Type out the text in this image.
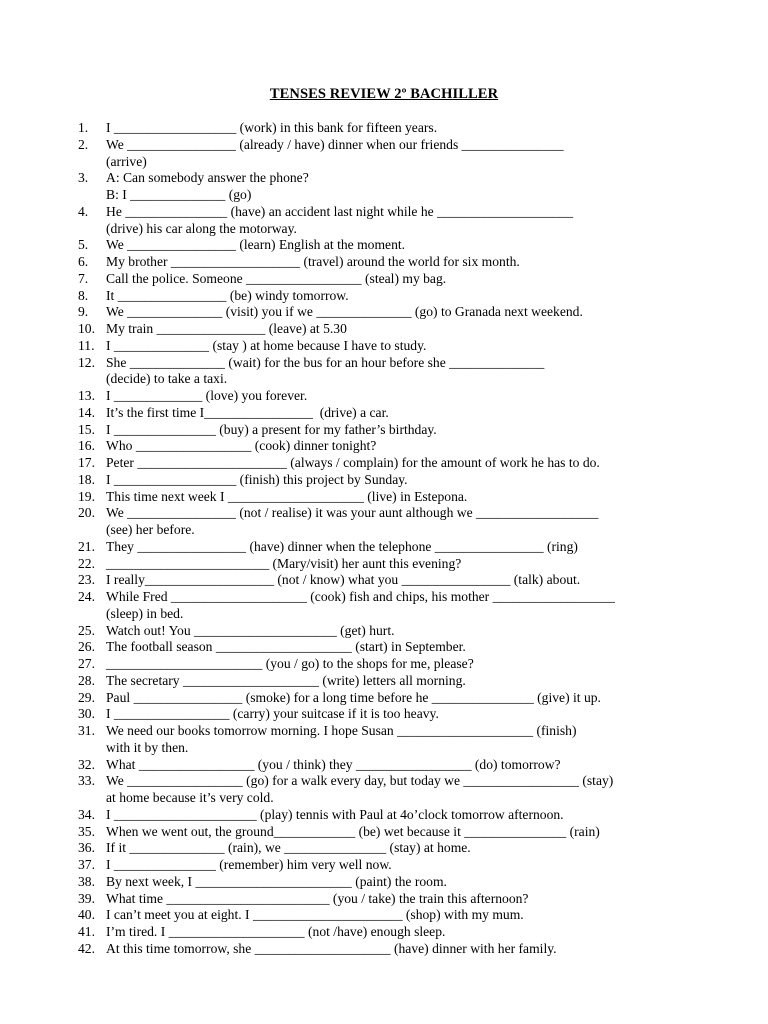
TENSES REVIEW 2º BACHILLER
1.	I __________________ (work) in this bank for fifteen years.
2.	We ________________ (already / have) dinner when our friends _______________
(arrive)
3.	A: Can somebody answer the phone?
B: I ______________ (go)
4.	He _______________ (have) an accident last night while he ____________________
(drive) his car along the motorway.
5.	We ________________ (learn) English at the moment.
6.	My brother ___________________ (travel) around the world for six month.
7.	Call the police. Someone _________________ (steal) my bag.
8.	It ________________ (be) windy tomorrow.
9.	We ______________ (visit) you if we ______________ (go) to Granada next weekend.
10. My train ________________ (leave) at 5.30
11. I ______________ (stay ) at home because I have to study.
12. She ______________ (wait) for the bus for an hour before she ______________
(decide) to take a taxi.
13. I _____________ (love) you forever.
14. It’s the first time I________________  (drive) a car.
15. I _______________ (buy) a present for my father’s birthday.
16. Who _________________ (cook) dinner tonight?
17. Peter ______________________ (always / complain) for the amount of work he has to do.
18. I __________________ (finish) this project by Sunday.
19. This time next week I ____________________ (live) in Estepona.
20. We ________________ (not / realise) it was your aunt although we __________________
(see) her before.
21. They ________________ (have) dinner when the telephone ________________ (ring)
22. ________________________ (Mary/visit) her aunt this evening?
23. I really___________________ (not / know) what you ________________ (talk) about.
24. While Fred ____________________ (cook) fish and chips, his mother __________________
(sleep) in bed.
25. Watch out! You _____________________ (get) hurt.
26. The football season ____________________ (start) in September.
27. _______________________ (you / go) to the shops for me, please?
28. The secretary ____________________ (write) letters all morning.
29. Paul ________________ (smoke) for a long time before he _______________ (give) it up.
30. I _________________ (carry) your suitcase if it is too heavy.
31. We need our books tomorrow morning. I hope Susan ____________________ (finish)
with it by then.
32. What _________________ (you / think) they _________________ (do) tomorrow?
33. We _________________ (go) for a walk every day, but today we _________________ (stay)
at home because it’s very cold.
34. I _____________________ (play) tennis with Paul at 4o’clock tomorrow afternoon.
35. When we went out, the ground____________ (be) wet because it _______________ (rain)
36. If it ______________ (rain), we _______________ (stay) at home.
37. I _______________ (remember) him very well now.
38. By next week, I _______________________ (paint) the room.
39. What time ________________________ (you / take) the train this afternoon?
40. I can’t meet you at eight. I ______________________ (shop) with my mum.
41. I’m tired. I ____________________ (not /have) enough sleep.
42. At this time tomorrow, she ____________________ (have) dinner with her family.
